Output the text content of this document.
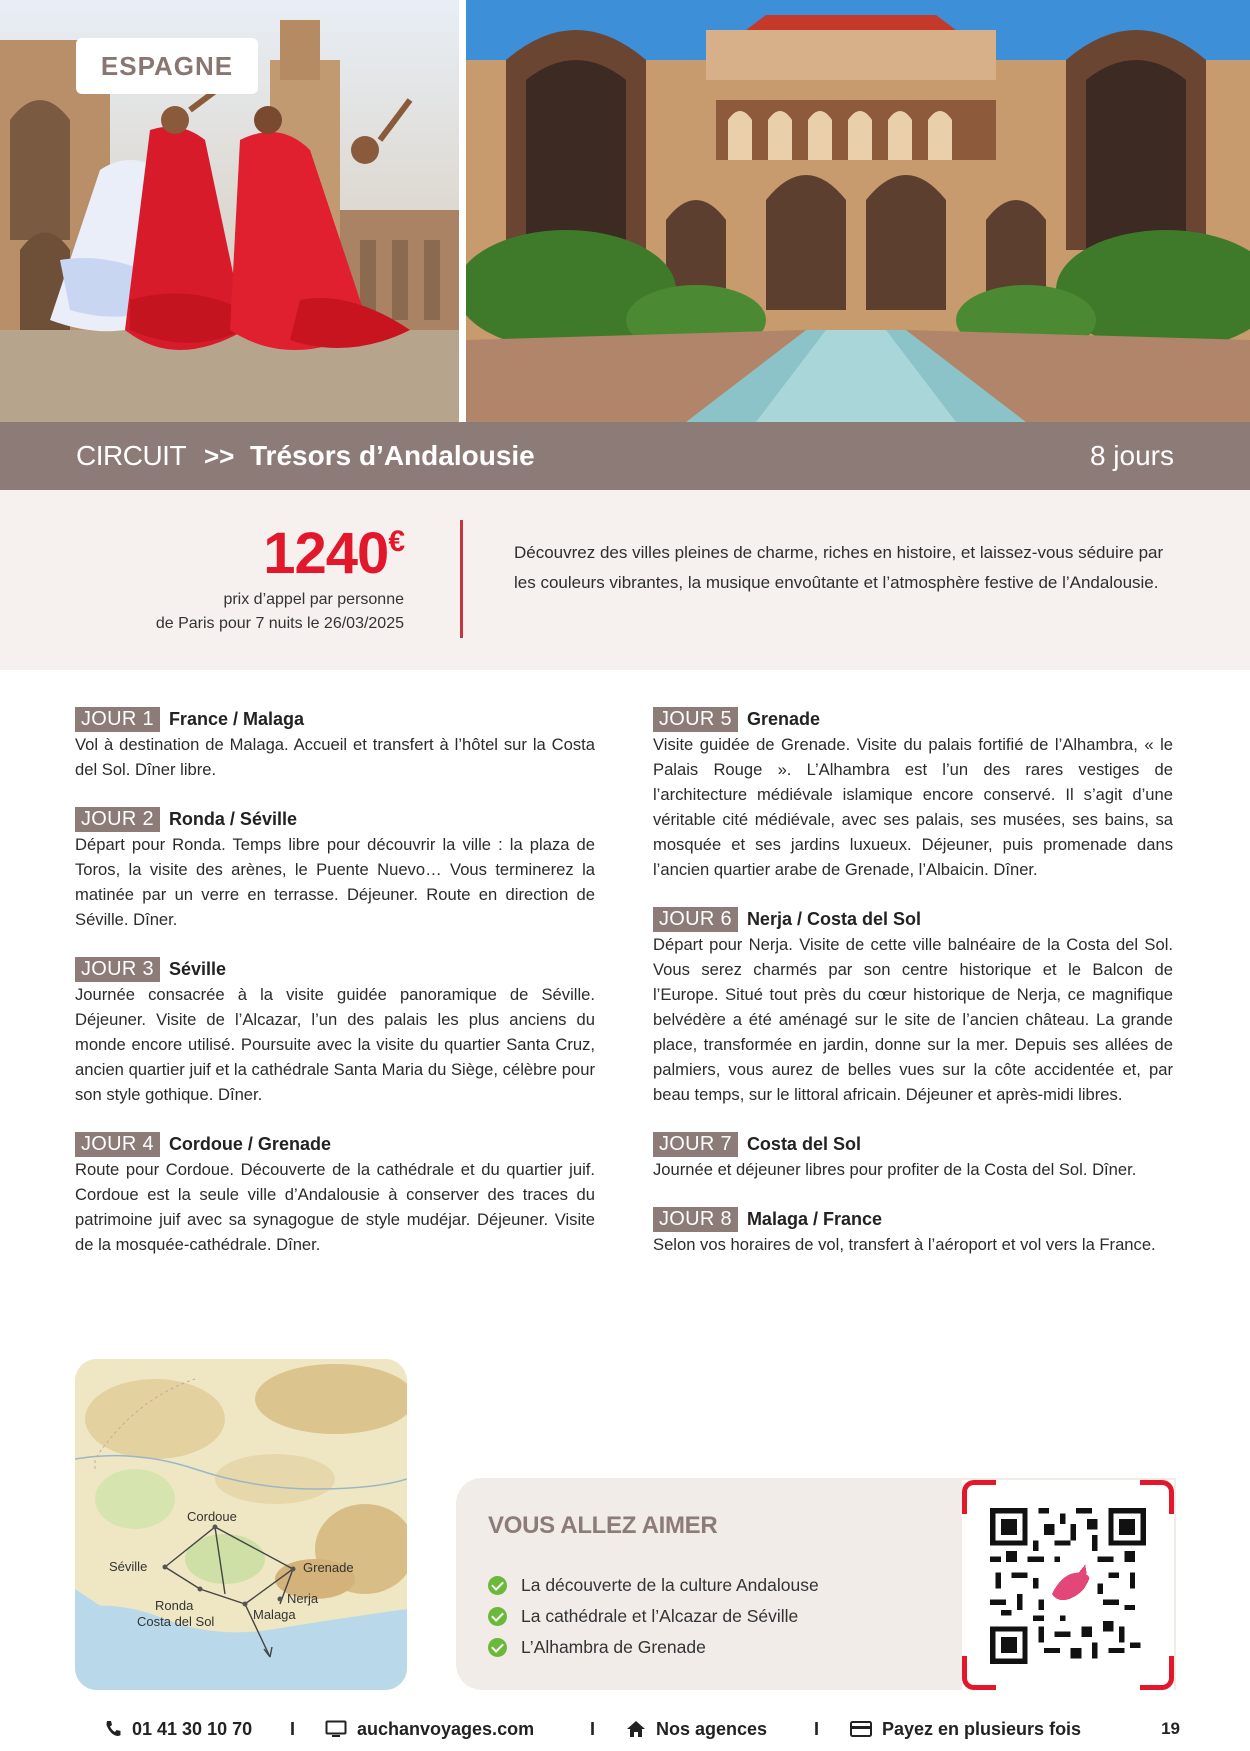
ESPAGNE
CIRCUIT >> Trésors d’Andalousie	8 jours
1240€
prix d’appel par personne
de Paris pour 7 nuits le 26/03/2025

Découvrez des villes pleines de charme, riches en histoire, et laissez-vous séduire par les couleurs vibrantes, la musique envoûtante et l’atmosphère festive de l’Andalousie.

JOUR 1 France / Malaga

Vol à destination de Malaga. Accueil et transfert à l’hôtel sur la Costa del Sol. Dîner libre.

JOUR 2 Ronda / Séville

Départ pour Ronda. Temps libre pour découvrir la ville : la plaza de Toros, la visite des arènes, le Puente Nuevo… Vous terminerez la matinée par un verre en terrasse. Déjeuner. Route en direction de Séville. Dîner.

JOUR 3 Séville

Journée consacrée à la visite guidée panoramique de Séville. Déjeuner. Visite de l’Alcazar, l’un des palais les plus anciens du monde encore utilisé. Poursuite avec la visite du quartier Santa Cruz, ancien quartier juif et la cathédrale Santa Maria du Siège, célèbre pour son style gothique. Dîner.

JOUR 4 Cordoue / Grenade

Route pour Cordoue. Découverte de la cathédrale et du quartier juif. Cordoue est la seule ville d’Andalousie à conserver des traces du patrimoine juif avec sa synagogue de style mudéjar. Déjeuner. Visite de la mosquée-cathédrale. Dîner.

JOUR 5 Grenade

Visite guidée de Grenade. Visite du palais fortifié de l’Alhambra, « le Palais Rouge ». L’Alhambra est l’un des rares vestiges de l’architecture médiévale islamique encore conservé. Il s’agit d’une véritable cité médiévale, avec ses palais, ses musées, ses bains, sa mosquée et ses jardins luxueux. Déjeuner, puis promenade dans l’ancien quartier arabe de Grenade, l’Albaicin. Dîner.

JOUR 6 Nerja / Costa del Sol

Départ pour Nerja. Visite de cette ville balnéaire de la Costa del Sol. Vous serez charmés par son centre historique et le Balcon de l’Europe. Situé tout près du cœur historique de Nerja, ce magnifique belvédère a été aménagé sur le site de l’ancien château. La grande place, transformée en jardin, donne sur la mer. Depuis ses allées de palmiers, vous aurez de belles vues sur la côte accidentée et, par beau temps, sur le littoral africain. Déjeuner et après-midi libres.

JOUR 7 Costa del Sol

Journée et déjeuner libres pour profiter de la Costa del Sol. Dîner.

JOUR 8 Malaga / France

Selon vos horaires de vol, transfert à l’aéroport et vol vers la France.

Cordoue
Séville	Grenade
Ronda	Nerja
Malaga
Costa del Sol
VOUS ALLEZ AIMER
La découverte de la culture Andalouse
La cathédrale et l’Alcazar de Séville
L’Alhambra de Grenade
01 41 30 10 70 I	auchanvoyages.com	I	Nos agences	I	Payez en plusieurs fois	19
